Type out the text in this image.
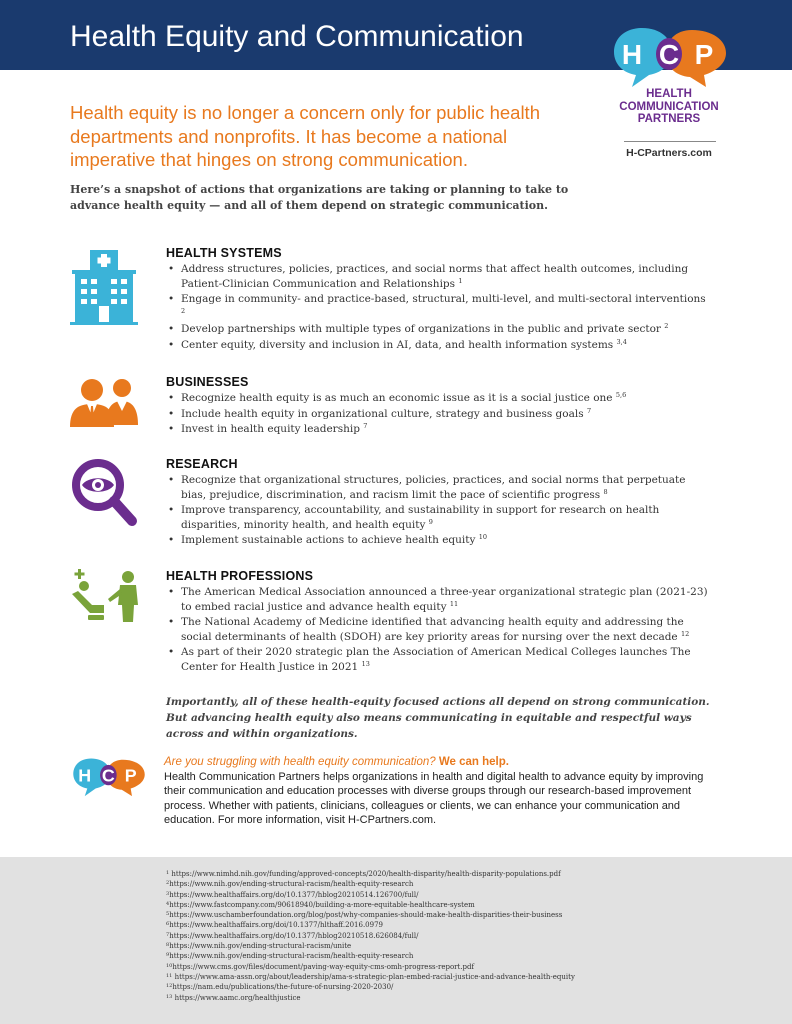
Health Equity and Communication
H C P
HEALTH
COMMUNICATION
PARTNERS
H-CPartners.com

Health equity is no longer a concern only for public health departments and nonprofits. It has become a national imperative that hinges on strong communication.

Here’s a snapshot of actions that organizations are taking or planning to take to advance health equity — and all of them depend on strategic communication.

HEALTH SYSTEMS
• Address structures, policies, practices, and social norms that affect health outcomes, including Patient-Clinician Communication and Relationships $^1$
• Engage in community- and practice-based, structural, multi-level, and multi-sectoral interventions $^2$
• Develop partnerships with multiple types of organizations in the public and private sector $^2$
• Center equity, diversity and inclusion in AI, data, and health information systems $^{3,4}$
BUSINESSES
• Recognize health equity is as much an economic issue as it is a social justice one $^{5,6}$
• Include health equity in organizational culture, strategy and business goals $^7$
• Invest in health equity leadership $^7$
RESEARCH
• Recognize that organizational structures, policies, practices, and social norms that perpetuate bias, prejudice, discrimination, and racism limit the pace of scientific progress $^8$
• Improve transparency, accountability, and sustainability in support for research on health disparities, minority health, and health equity $^9$
• Implement sustainable actions to achieve health equity $^{10}$
HEALTH PROFESSIONS
• The American Medical Association announced a three-year organizational strategic plan (2021-23) to embed racial justice and advance health equity $^{11}$
• The National Academy of Medicine identified that advancing health equity and addressing the social determinants of health (SDOH) are key priority areas for nursing over the next decade $^{12}$
• As part of their 2020 strategic plan the Association of American Medical Colleges launches The Center for Health Justice in 2021 $^{13}$

Importantly, all of these health-equity focused actions all depend on strong communication. But advancing health equity also means communicating in equitable and respectful ways across and within organizations.

H C P

Are you struggling with health equity communication? We can help.

Health Communication Partners helps organizations in health and digital health to advance equity by improving their communication and education processes with diverse groups through our research-based improvement process. Whether with patients, clinicians, colleagues or clients, we can enhance your communication and education. For more information, visit H-CPartners.com.

$^1$ https://www.nimhd.nih.gov/funding/approved-concepts/2020/health-disparity/health-disparity-populations.pdf
$^2$https://www.nih.gov/ending-structural-racism/health-equity-research
$^3$https://www.healthaffairs.org/do/10.1377/hblog20210514.126700/full/
$^4$https://www.fastcompany.com/90618940/building-a-more-equitable-healthcare-system
$^5$https://www.uschamberfoundation.org/blog/post/why-companies-should-make-health-disparities-their-business
$^6$https://www.healthaffairs.org/doi/10.1377/hlthaff.2016.0979
$^7$https://www.healthaffairs.org/do/10.1377/hblog20210518.626084/full/
$^8$https://www.nih.gov/ending-structural-racism/unite
$^9$https://www.nih.gov/ending-structural-racism/health-equity-research
$^{10}$https://www.cms.gov/files/document/paving-way-equity-cms-omh-progress-report.pdf
$^{11}$ https://www.ama-assn.org/about/leadership/ama-s-strategic-plan-embed-racial-justice-and-advance-health-equity
$^{12}$https://nam.edu/publications/the-future-of-nursing-2020-2030/
$^{13}$ https://www.aamc.org/healthjustice
